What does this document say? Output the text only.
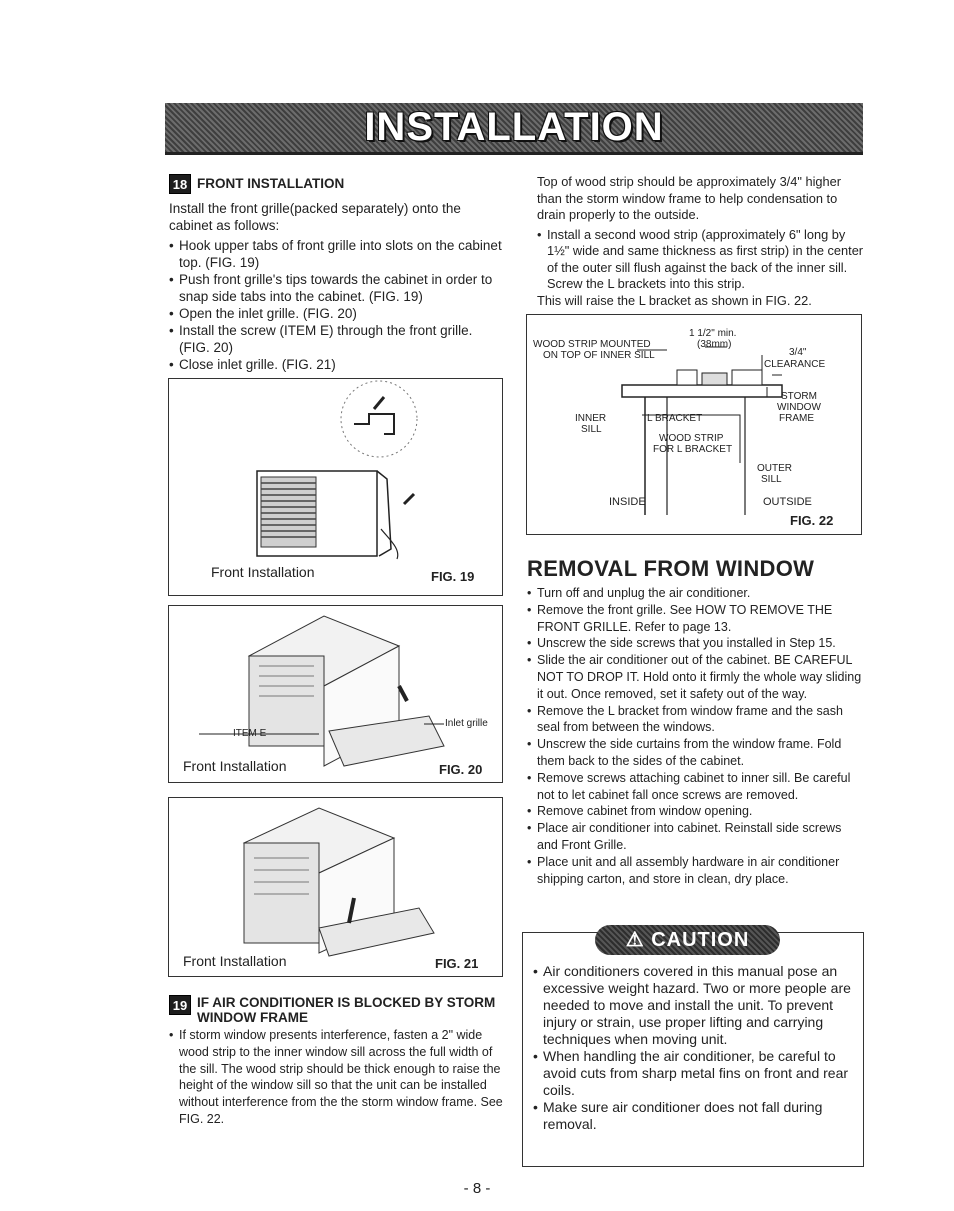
INSTALLATION
18 FRONT INSTALLATION

Install the front grille(packed separately) onto the cabinet as follows:

• Hook upper tabs of front grille into slots on the cabinet top. (FIG. 19)
• Push front grille's tips towards the cabinet in order to snap side tabs into the cabinet. (FIG. 19)
• Open the inlet grille. (FIG. 20)
• Install the screw (ITEM E) through the front grille. (FIG. 20)
• Close inlet grille. (FIG. 21)
Front Installation	FIG. 19
ITEM E
Inlet grille
Front Installation	FIG. 20
Front Installation	FIG. 21
19 IF AIR CONDITIONER IS BLOCKED BY STORM WINDOW FRAME
• If storm window presents interference, fasten a 2" wide wood strip to the inner window sill across the full width of the sill. The wood strip should be thick enough to raise the height of the window sill so that the unit can be installed without interference from the the storm window frame. See FIG. 22.

Top of wood strip should be approximately 3/4" higher than the storm window frame to help condensation to drain properly to the outside.

• Install a second wood strip (approximately 6" long by 1½" wide and same thickness as first strip) in the center of the outer sill flush against the back of the inner sill. Screw the L brackets into this strip.

This will raise the L bracket as shown in FIG. 22.

1 1/2" min.
(38mm)
WOOD STRIP MOUNTED
ON TOP OF INNER SILL	3/4"
CLEARANCE
STORM
WINDOW
FRAME
INNER
SILL
L BRACKET
WOOD STRIP
FOR L BRACKET
OUTER
SILL
INSIDE	OUTSIDE
FIG. 22
REMOVAL FROM WINDOW
• Turn off and unplug the air conditioner.
• Remove the front grille. See HOW TO REMOVE THE FRONT GRILLE. Refer to page 13.
• Unscrew the side screws that you installed in Step 15.
• Slide the air conditioner out of the cabinet. BE CAREFUL NOT TO DROP IT. Hold onto it firmly the whole way sliding it out. Once removed, set it safety out of the way.
• Remove the L bracket from window frame and the sash seal from between the windows.
• Unscrew the side curtains from the window frame. Fold them back to the sides of the cabinet.
• Remove screws attaching cabinet to inner sill. Be careful not to let cabinet fall once screws are removed.
• Remove cabinet from window opening.
• Place air conditioner into cabinet. Reinstall side screws and Front Grille.
• Place unit and all assembly hardware in air conditioner shipping carton, and store in clean, dry place.
⚠ CAUTION
• Air conditioners covered in this manual pose an excessive weight hazard. Two or more people are needed to move and install the unit. To prevent injury or strain, use proper lifting and carrying techniques when moving unit.
• When handling the air conditioner, be careful to avoid cuts from sharp metal fins on front and rear coils.
• Make sure air conditioner does not fall during removal.
- 8 -
